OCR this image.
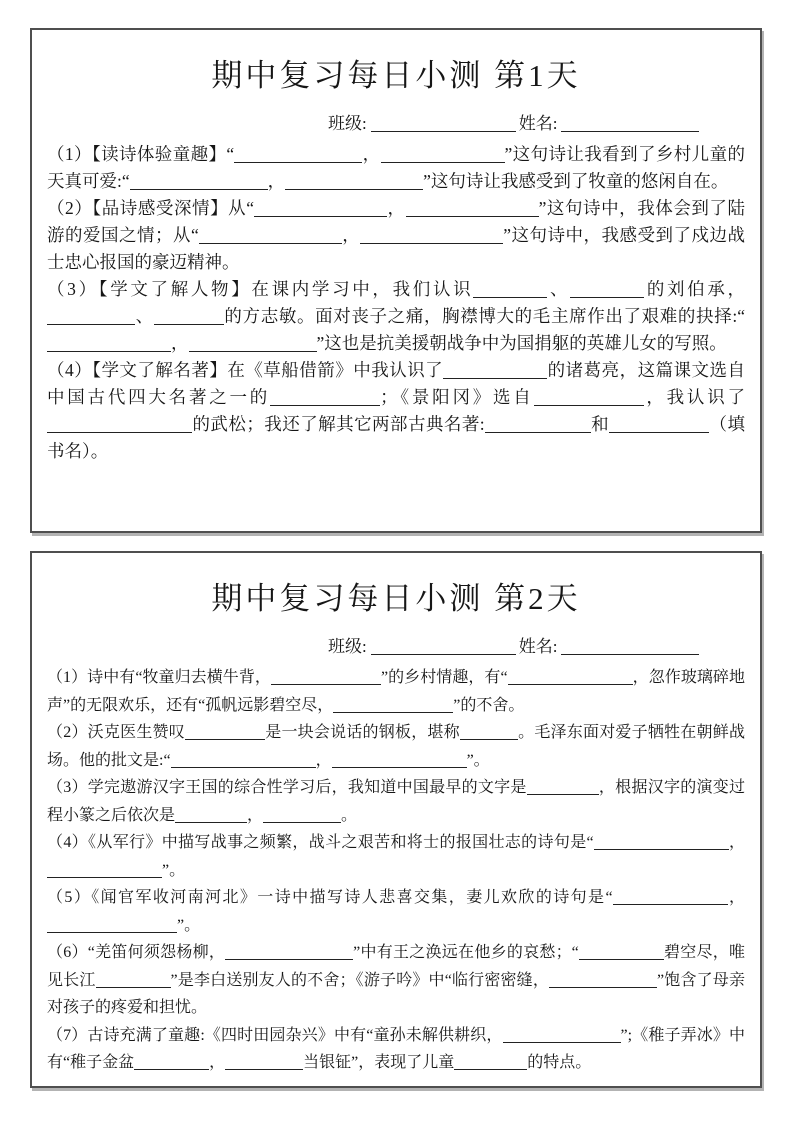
期中复习每日小测 第1天
班级:	姓名:

（1）【读诗体验童趣】“	，	”这句诗让我看到了乡村儿童的天真可爱:“	，	”这句诗让我感受到了牧童的悠闲自在。

（2）【品诗感受深情】从“	，	”这句诗中，我体会到了陆游的爱国之情；从“	，	”这句诗中，我感受到了戍边战士忠心报国的豪迈精神。

（3）【学文了解人物】在课内学习中，我们认识	、	的刘伯承，、	的方志敏。面对丧子之痛，胸襟博大的毛主席作出了艰难的抉择:“，	”这也是抗美援朝战争中为国捐躯的英雄儿女的写照。

（4）【学文了解名著】在《草船借箭》中我认识了	的诸葛亮，这篇课文选自中国古代四大名著之一的	；《景阳冈》选自	，我认识了的武松；我还了解其它两部古典名著:	和	（填书名）。

期中复习每日小测 第2天
班级:	姓名:

（1）诗中有“牧童归去横牛背，	”的乡村情趣，有“	，忽作玻璃碎地声”的无限欢乐，还有“孤帆远影碧空尽，	”的不舍。

（2）沃克医生赞叹	是一块会说话的钢板，堪称	。毛泽东面对爱子牺牲在朝鲜战场。他的批文是:“	，	”。

（3）学完遨游汉字王国的综合性学习后，我知道中国最早的文字是	，根据汉字的演变过程小篆之后依次是	，	。

（4）《从军行》中描写战事之频繁，战斗之艰苦和将士的报国壮志的诗句是“	，”。

（5）《闻官军收河南河北》一诗中描写诗人悲喜交集，妻儿欢欣的诗句是“	，”。

（6）“羌笛何须怨杨柳，	”中有王之涣远在他乡的哀愁；“	碧空尽，唯见长江	”是李白送别友人的不舍；《游子吟》中“临行密密缝，	”饱含了母亲对孩子的疼爱和担忧。

（7）古诗充满了童趣:《四时田园杂兴》中有“童孙未解供耕织，	”;《稚子弄冰》中有“稚子金盆	，	当银钲”，表现了儿童	的特点。
